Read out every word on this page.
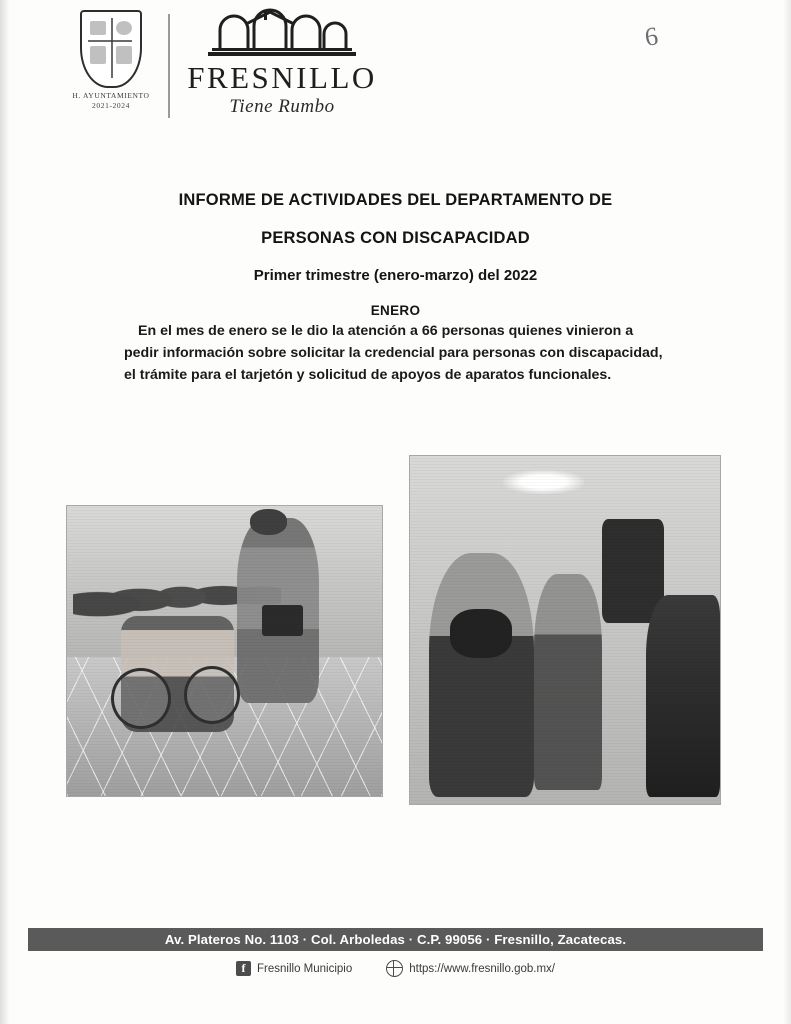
H. AYUNTAMIENTO
2021-2024
FRESNILLO
Tiene Rumbo
6
INFORME DE ACTIVIDADES DEL DEPARTAMENTO DE
PERSONAS CON DISCAPACIDAD
Primer trimestre (enero-marzo) del 2022
ENERO
En el mes de enero se le dio la atención a 66 personas quienes vinieron a pedir información sobre solicitar la credencial para personas con discapacidad, el trámite para el tarjetón y solicitud de apoyos de aparatos funcionales.
Av. Plateros No. 1103 · Col. Arboledas · C.P. 99056 · Fresnillo, Zacatecas.
f	Fresnillo Municipio	https://www.fresnillo.gob.mx/
